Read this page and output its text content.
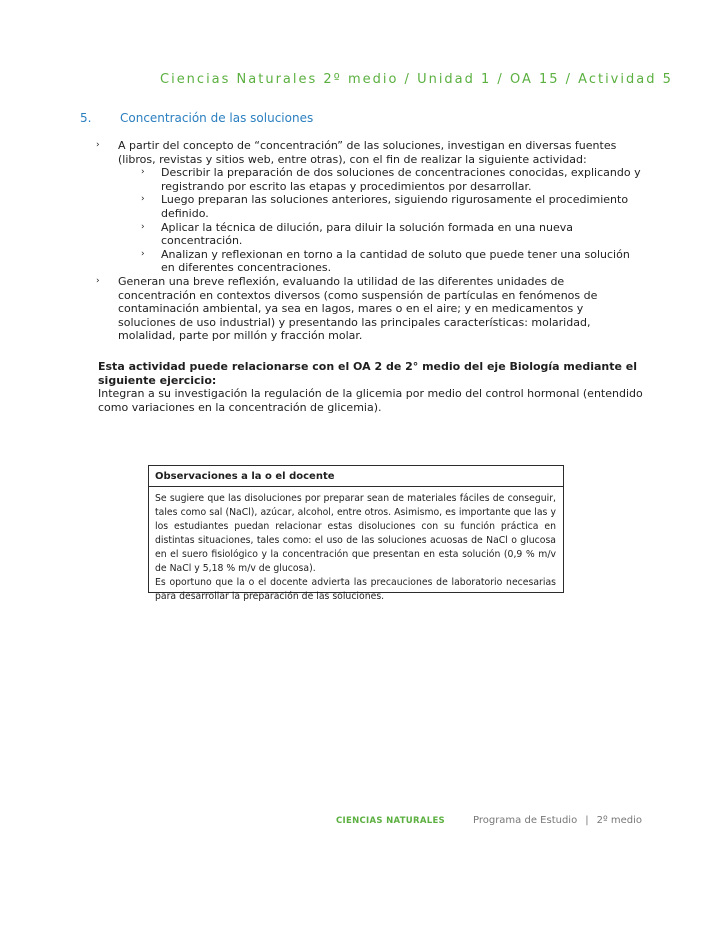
Ciencias Naturales 2º medio / Unidad 1 / OA 15 / Actividad 5
5. Concentración de las soluciones

› A partir del concepto de “concentración” de las soluciones, investigan en diversas fuentes (libros, revistas y sitios web, entre otras), con el fin de realizar la siguiente actividad:

› Describir la preparación de dos soluciones de concentraciones conocidas, explicando y registrando por escrito las etapas y procedimientos por desarrollar.

› Luego preparan las soluciones anteriores, siguiendo rigurosamente el procedimiento definido.

› Aplicar la técnica de dilución, para diluir la solución formada en una nueva concentración.

› Analizan y reflexionan en torno a la cantidad de soluto que puede tener una solución en diferentes concentraciones.

› Generan una breve reflexión, evaluando la utilidad de las diferentes unidades de concentración en contextos diversos (como suspensión de partículas en fenómenos de contaminación ambiental, ya sea en lagos, mares o en el aire; y en medicamentos y soluciones de uso industrial) y presentando las principales características: molaridad, molalidad, parte por millón y fracción molar.

Esta actividad puede relacionarse con el OA 2 de 2° medio del eje Biología mediante el siguiente ejercicio:
Integran a su investigación la regulación de la glicemia por medio del control hormonal (entendido como variaciones en la concentración de glicemia).
Observaciones a la o el docente

Se sugiere que las disoluciones por preparar sean de materiales fáciles de conseguir, tales como sal (NaCl), azúcar, alcohol, entre otros. Asimismo, es importante que las y los estudiantes puedan relacionar estas disoluciones con su función práctica en distintas situaciones, tales como: el uso de las soluciones acuosas de NaCl o glucosa en el suero fisiológico y la concentración que presentan en esta solución (0,9 % m/v de NaCl y 5,18 % m/v de glucosa).

Es oportuno que la o el docente advierta las precauciones de laboratorio necesarias para desarrollar la preparación de las soluciones.

CIENCIAS NATURALES	Programa de Estudio | 2º medio
